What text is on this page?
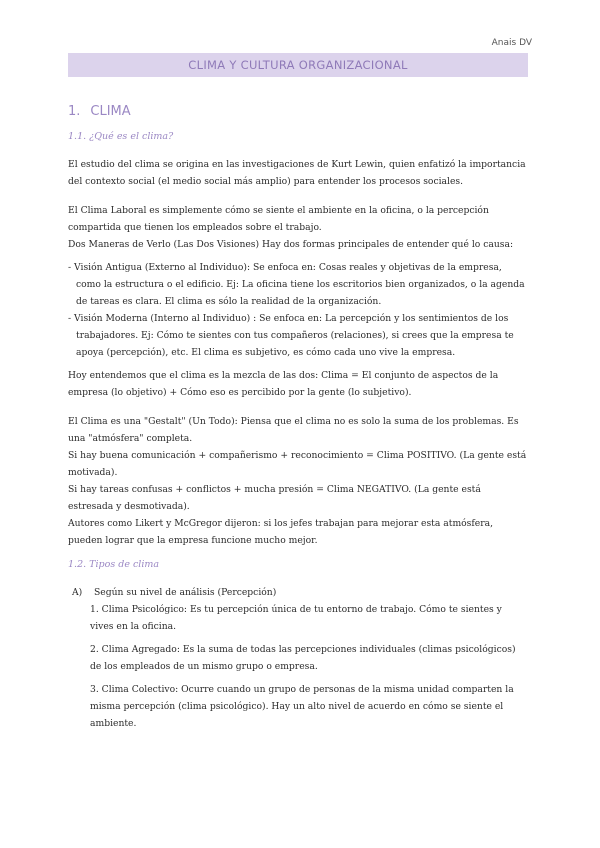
Anais DV
CLIMA Y CULTURA ORGANIZACIONAL
1. CLIMA
1.1. ¿Qué es el clima?

El estudio del clima se origina en las investigaciones de Kurt Lewin, quien enfatizó la importancia del contexto social (el medio social más amplio) para entender los procesos sociales.

El Clima Laboral es simplemente cómo se siente el ambiente en la oficina, o la percepción compartida que tienen los empleados sobre el trabajo.

Dos Maneras de Verlo (Las Dos Visiones) Hay dos formas principales de entender qué lo causa:

- Visión Antigua (Externo al Individuo): Se enfoca en: Cosas reales y objetivas de la empresa, como la estructura o el edificio. Ej: La oficina tiene los escritorios bien organizados, o la agenda de tareas es clara. El clima es sólo la realidad de la organización.
- Visión Moderna (Interno al Individuo) : Se enfoca en: La percepción y los sentimientos de los trabajadores. Ej: Cómo te sientes con tus compañeros (relaciones), si crees que la empresa te apoya (percepción), etc. El clima es subjetivo, es cómo cada uno vive la empresa.

Hoy entendemos que el clima es la mezcla de las dos: Clima = El conjunto de aspectos de la empresa (lo objetivo) + Cómo eso es percibido por la gente (lo subjetivo).

El Clima es una "Gestalt" (Un Todo): Piensa que el clima no es solo la suma de los problemas. Es una "atmósfera" completa.

Si hay buena comunicación + compañerismo + reconocimiento = Clima POSITIVO. (La gente está motivada).

Si hay tareas confusas + conflictos + mucha presión = Clima NEGATIVO. (La gente está estresada y desmotivada).

Autores como Likert y McGregor dijeron: si los jefes trabajan para mejorar esta atmósfera, pueden lograr que la empresa funcione mucho mejor.

1.2. Tipos de clima
A)	Según su nivel de análisis (Percepción)
1. Clima Psicológico: Es tu percepción única de tu entorno de trabajo. Cómo te sientes y vives en la oficina.
2. Clima Agregado: Es la suma de todas las percepciones individuales (climas psicológicos) de los empleados de un mismo grupo o empresa.
3. Clima Colectivo: Ocurre cuando un grupo de personas de la misma unidad comparten la misma percepción (clima psicológico). Hay un alto nivel de acuerdo en cómo se siente el ambiente.
